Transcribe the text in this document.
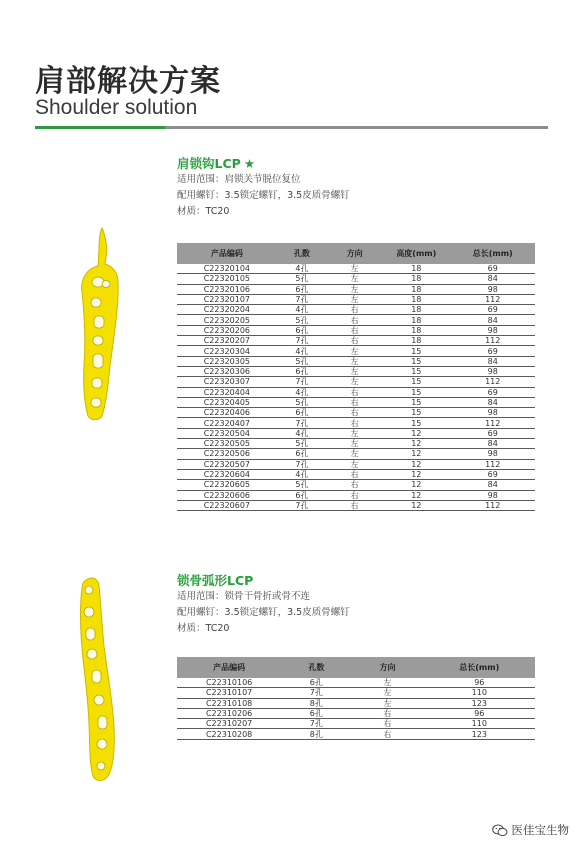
肩部解决方案
Shoulder solution
肩锁钩LCP ★

适用范围：肩锁关节脱位复位

配用螺钉：3.5锁定螺钉，3.5皮质骨螺钉

材质：TC20

产品编码	孔数	方向	高度(mm)	总长(mm)
C22320104	4孔	左	18	69
C22320105	5孔	左	18	84
C22320106	6孔	左	18	98
C22320107	7孔	左	18	112
C22320204	4孔	右	18	69
C22320205	5孔	右	18	84
C22320206	6孔	右	18	98
C22320207	7孔	右	18	112
C22320304	4孔	左	15	69
C22320305	5孔	左	15	84
C22320306	6孔	左	15	98
C22320307	7孔	左	15	112
C22320404	4孔	右	15	69
C22320405	5孔	右	15	84
C22320406	6孔	右	15	98
C22320407	7孔	右	15	112
C22320504	4孔	左	12	69
C22320505	5孔	左	12	84
C22320506	6孔	左	12	98
C22320507	7孔	左	12	112
C22320604	4孔	右	12	69
C22320605	5孔	右	12	84
C22320606	6孔	右	12	98
C22320607	7孔	右	12	112
锁骨弧形LCP

适用范围：锁骨干骨折或骨不连

配用螺钉：3.5锁定螺钉，3.5皮质骨螺钉

材质：TC20

产品编码	孔数	方向	总长(mm)
C22310106	6孔	左	96
C22310107	7孔	左	110
C22310108	8孔	左	123
C22310206	6孔	右	96
C22310207	7孔	右	110
C22310208	8孔	右	123
医佳宝生物
